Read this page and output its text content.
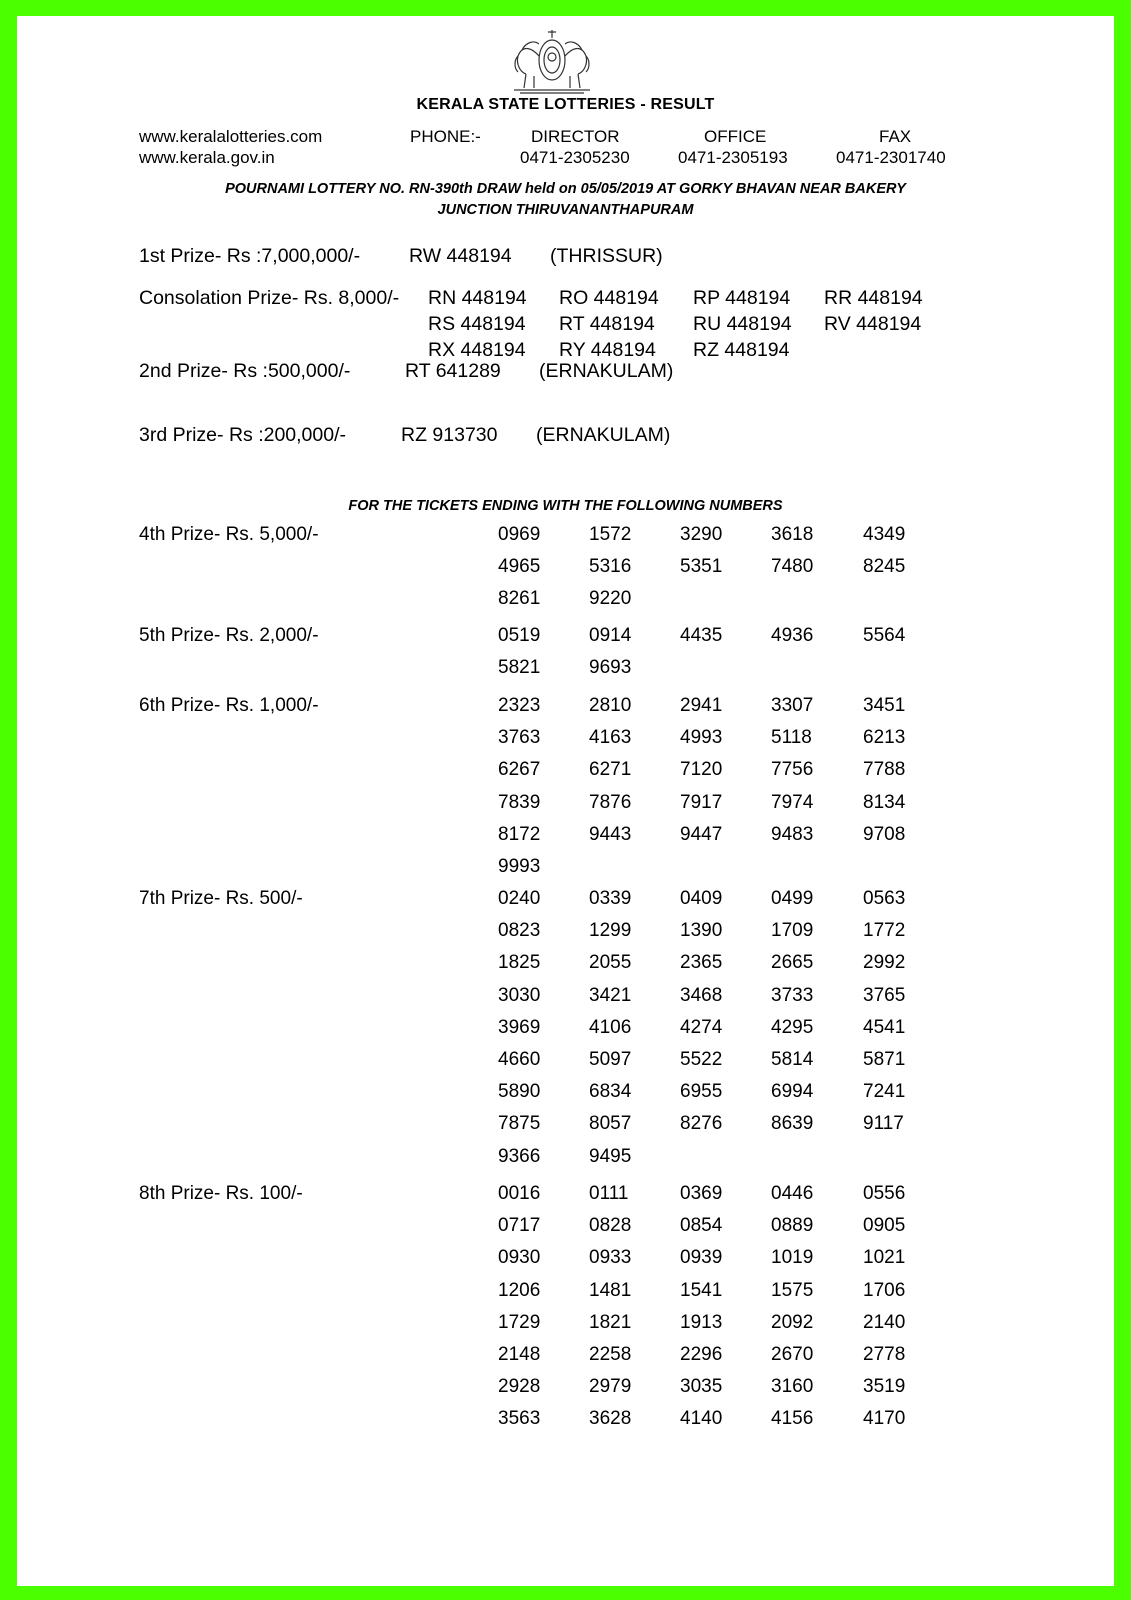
KERALA STATE LOTTERIES - RESULT
www.keralalotteries.com
www.kerala.gov.in
PHONE:-	DIRECTOR	OFFICE	FAX
0471-2305230	0471-2305193	0471-2301740
POURNAMI LOTTERY NO. RN-390th DRAW held on 05/05/2019 AT GORKY BHAVAN NEAR BAKERY
JUNCTION THIRUVANANTHAPURAM
1st Prize- Rs :7,000,000/-	RW 448194 (THRISSUR)
Consolation Prize- Rs. 8,000/- RN 448194 RO 448194 RP 448194 RR 448194
RS 448194 RT 448194 RU 448194 RV 448194
RX 448194 RY 448194 RZ 448194
2nd Prize- Rs :500,000/-	RT 641289 (ERNAKULAM)
3rd Prize- Rs :200,000/-	RZ 913730 (ERNAKULAM)
FOR THE TICKETS ENDING WITH THE FOLLOWING NUMBERS
4th Prize- Rs. 5,000/-	0969	1572	3290	3618	4349
4965	5316	5351	7480	8245
8261	9220
5th Prize- Rs. 2,000/-	0519	0914	4435	4936	5564
5821	9693
6th Prize- Rs. 1,000/-	2323	2810	2941	3307	3451
3763	4163	4993	5118	6213
6267	6271	7120	7756	7788
7839	7876	7917	7974	8134
8172	9443	9447	9483	9708
9993
7th Prize- Rs. 500/-	0240	0339	0409	0499	0563
0823	1299	1390	1709	1772
1825	2055	2365	2665	2992
3030	3421	3468	3733	3765
3969	4106	4274	4295	4541
4660	5097	5522	5814	5871
5890	6834	6955	6994	7241
7875	8057	8276	8639	9117
9366	9495
8th Prize- Rs. 100/-	0016	0111	0369	0446	0556
0717	0828	0854	0889	0905
0930	0933	0939	1019	1021
1206	1481	1541	1575	1706
1729	1821	1913	2092	2140
2148	2258	2296	2670	2778
2928	2979	3035	3160	3519
3563	3628	4140	4156	4170
